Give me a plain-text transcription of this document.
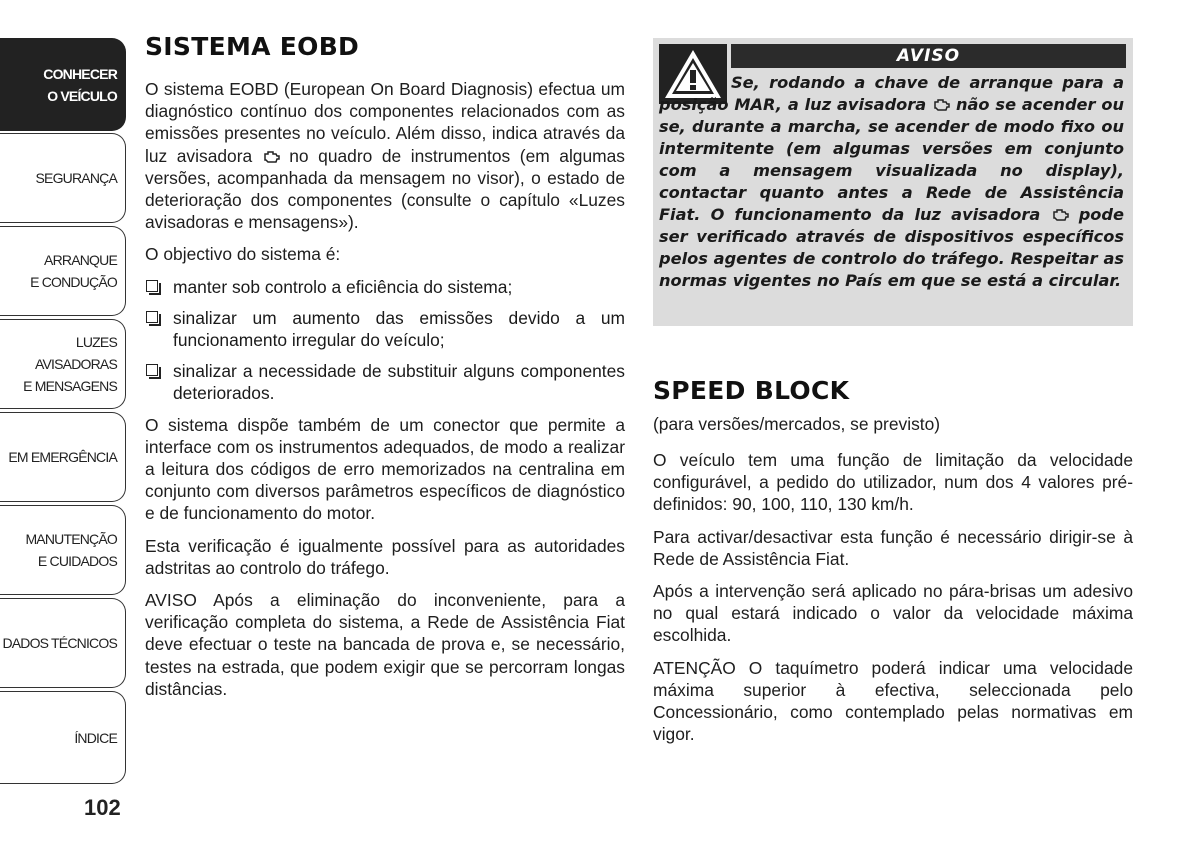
CONHECER
O VEÍCULO
SEGURANÇA
ARRANQUE
E CONDUÇÃO
LUZES AVISADORAS
E MENSAGENS
EM EMERGÊNCIA
MANUTENÇÃO
E CUIDADOS
DADOS TÉCNICOS
ÍNDICE
102
SISTEMA EOBD

O sistema EOBD (European On Board Diagnosis) efectua um diagnóstico contínuo dos componentes relacionados com as emissões presentes no veículo. Além disso, indica através da luz avisadora no quadro de instrumentos (em algumas versões, acompanhada da mensagem no visor), o estado de deterioração dos componentes (consulte o capítulo «Luzes avisadoras e mensagens»).

O objectivo do sistema é:

manter sob controlo a eficiência do sistema;
sinalizar um aumento das emissões devido a um funcionamento irregular do veículo;
sinalizar a necessidade de substituir alguns componentes deteriorados.

O sistema dispõe também de um conector que permite a interface com os instrumentos adequados, de modo a realizar a leitura dos códigos de erro memorizados na centralina em conjunto com diversos parâmetros específicos de diagnóstico e de funcionamento do motor.

Esta verificação é igualmente possível para as autoridades adstritas ao controlo do tráfego.

AVISO Após a eliminação do inconveniente, para a verificação completa do sistema, a Rede de Assistência Fiat deve efectuar o teste na bancada de prova e, se necessário, testes na estrada, que podem exigir que se percorram longas distâncias.

AVISO
Se, rodando a chave de arranque para a posição MAR, a luz avisadora não se acender ou se, durante a marcha, se acender de modo fixo ou intermitente (em algumas versões em conjunto com a mensagem visualizada no display), contactar quanto antes a Rede de Assistência Fiat. O funcionamento da luz avisadora pode ser verificado através de dispositivos específicos pelos agentes de controlo do tráfego. Respeitar as normas vigentes no País em que se está a circular.
SPEED BLOCK

(para versões/mercados, se previsto)

O veículo tem uma função de limitação da velocidade configurável, a pedido do utilizador, num dos 4 valores pré-definidos: 90, 100, 110, 130 km/h.

Para activar/desactivar esta função é necessário dirigir-se à Rede de Assistência Fiat.

Após a intervenção será aplicado no pára-brisas um adesivo no qual estará indicado o valor da velocidade máxima escolhida.

ATENÇÃO O taquímetro poderá indicar uma velocidade máxima superior à efectiva, seleccionada pelo Concessionário, como contemplado pelas normativas em vigor.
